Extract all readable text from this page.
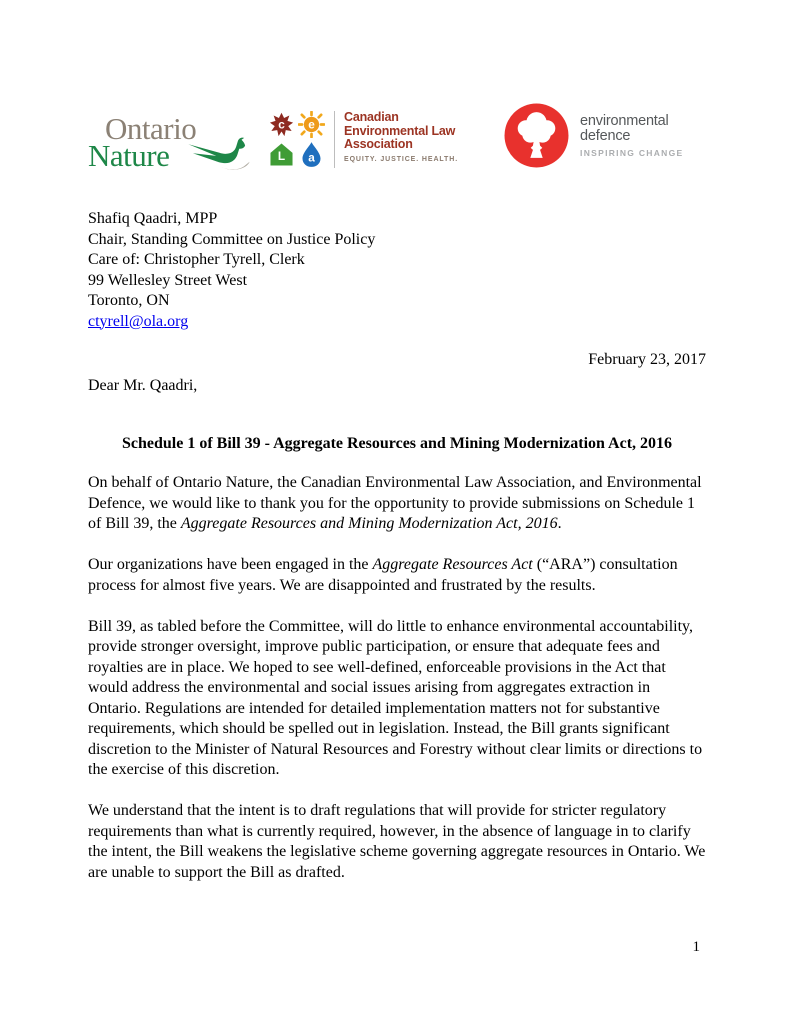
Ontario
Nature
c e
L a
Canadian
Environmental Law
Association
EQUITY. JUSTICE. HEALTH.
environmental
defence
INSPIRING CHANGE
Shafiq Qaadri, MPP
Chair, Standing Committee on Justice Policy
Care of: Christopher Tyrell, Clerk
99 Wellesley Street West
Toronto, ON
ctyrell@ola.org
February 23, 2017
Dear Mr. Qaadri,
Schedule 1 of Bill 39 - Aggregate Resources and Mining Modernization Act, 2016

On behalf of Ontario Nature, the Canadian Environmental Law Association, and Environmental Defence, we would like to thank you for the opportunity to provide submissions on Schedule 1 of Bill 39, the Aggregate Resources and Mining Modernization Act, 2016.

Our organizations have been engaged in the Aggregate Resources Act (“ARA”) consultation process for almost five years. We are disappointed and frustrated by the results.

Bill 39, as tabled before the Committee, will do little to enhance environmental accountability, provide stronger oversight, improve public participation, or ensure that adequate fees and royalties are in place. We hoped to see well-defined, enforceable provisions in the Act that would address the environmental and social issues arising from aggregates extraction in Ontario. Regulations are intended for detailed implementation matters not for substantive requirements, which should be spelled out in legislation. Instead, the Bill grants significant discretion to the Minister of Natural Resources and Forestry without clear limits or directions to the exercise of this discretion.

We understand that the intent is to draft regulations that will provide for stricter regulatory requirements than what is currently required, however, in the absence of language in to clarify the intent, the Bill weakens the legislative scheme governing aggregate resources in Ontario. We are unable to support the Bill as drafted.

1
